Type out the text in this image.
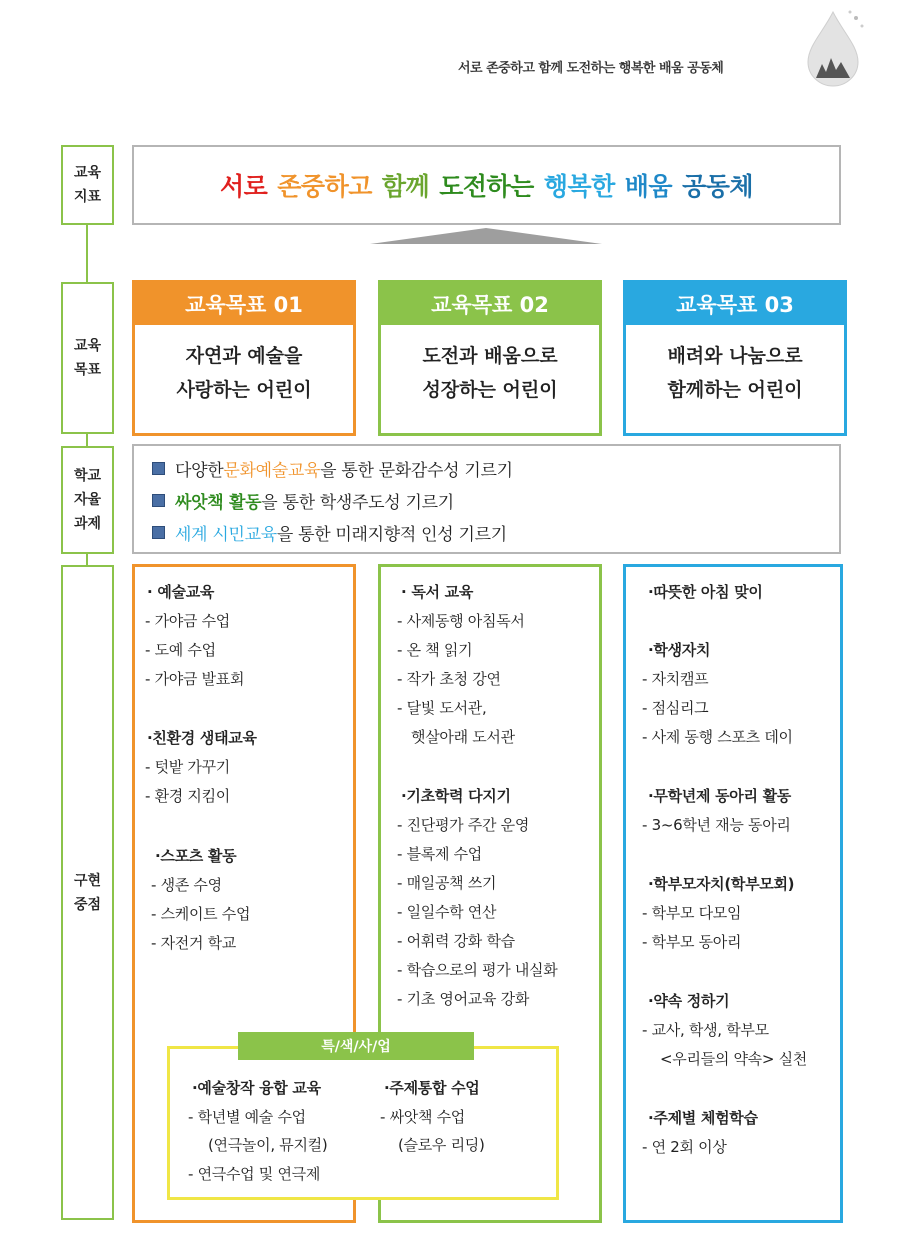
서로 존중하고 함께 도전하는 행복한 배움 공동체
교육
지표
교육
목표
학교
자율
과제
구현
중점
서로 존중하고 함께 도전하는 행복한 배움 공동체
교육목표 01
자연과 예술을
사랑하는 어린이
교육목표 02
도전과 배움으로
성장하는 어린이
교육목표 03
배려와 나눔으로
함께하는 어린이
다양한 문화예술교육 을 통한 문화감수성 기르기
싸앗책 활동 을 통한 학생주도성 기르기
세계 시민교육 을 통한 미래지향적 인성 기르기
· 예술교육
- 가야금 수업
- 도예 수업
- 가야금 발표회
·친환경 생태교육
- 텃밭 가꾸기
- 환경 지킴이
·스포츠 활동
- 생존 수영
- 스케이트 수업
- 자전거 학교
· 독서 교육
- 사제동행 아침독서
- 온 책 읽기
- 작가 초청 강연
- 달빛 도서관,
햇살아래 도서관
·기초학력 다지기
- 진단평가 주간 운영
- 블록제 수업
- 매일공책 쓰기
- 일일수학 연산
- 어휘력 강화 학습
- 학습으로의 평가 내실화
- 기초 영어교육 강화
·따뜻한 아침 맞이
·학생자치
- 자치캠프
- 점심리그
- 사제 동행 스포츠 데이
·무학년제 동아리 활동
- 3~6학년 재능 동아리
·학부모자치(학부모회)
- 학부모 다모임
- 학부모 동아리
·약속 정하기
- 교사, 학생, 학부모
<우리들의 약속> 실천
·주제별 체험학습
- 연 2회 이상
·예술창작 융합 교육
- 학년별 예술 수업
(연극놀이, 뮤지컬)
- 연극수업 및 연극제
·주제통합 수업
- 싸앗책 수업
(슬로우 리딩)
특/색/사/업
